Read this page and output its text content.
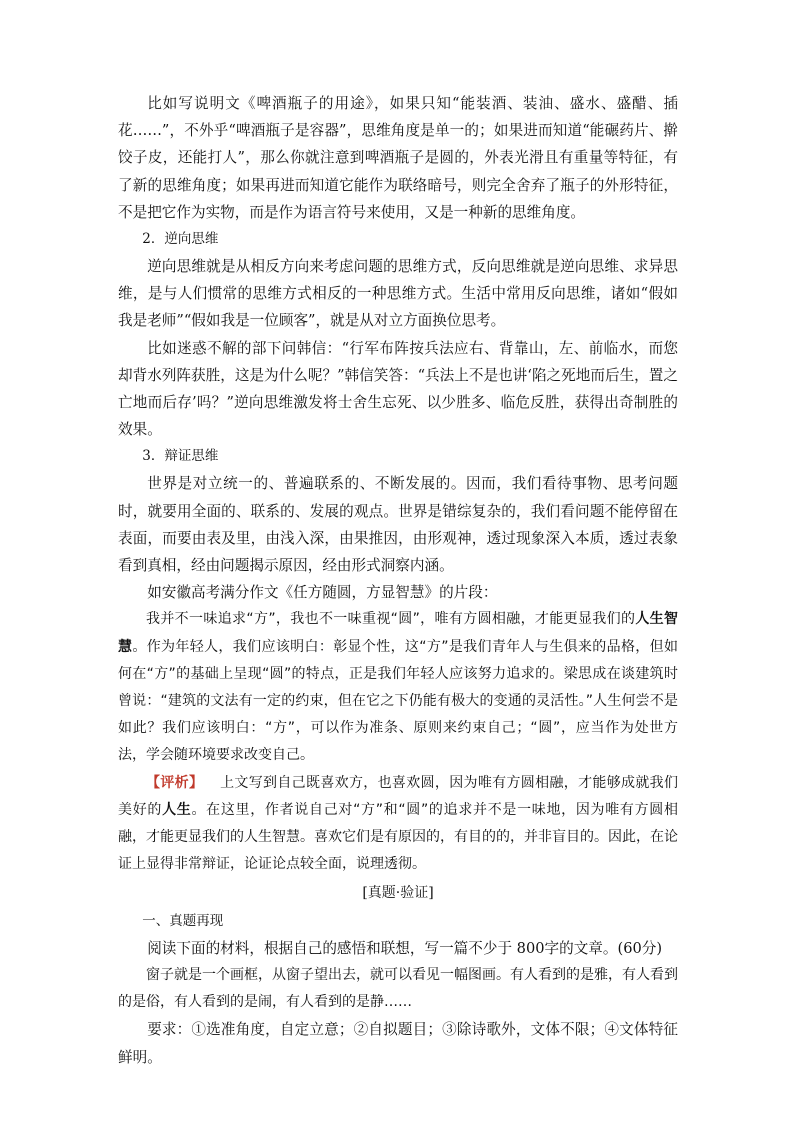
比如写说明文《啤酒瓶子的用途》，如果只知“能装酒、装油、盛水、盛醋、插花……”，不外乎“啤酒瓶子是容器”，思维角度是单一的；如果进而知道“能碾药片、擀饺子皮，还能打人”，那么你就注意到啤酒瓶子是圆的，外表光滑且有重量等特征，有了新的思维角度；如果再进而知道它能作为联络暗号，则完全舍弃了瓶子的外形特征，不是把它作为实物，而是作为语言符号来使用，又是一种新的思维角度。

2．逆向思维

逆向思维就是从相反方向来考虑问题的思维方式，反向思维就是逆向思维、求异思维，是与人们惯常的思维方式相反的一种思维方式。生活中常用反向思维，诸如“假如我是老师”“假如我是一位顾客”，就是从对立方面换位思考。

比如迷惑不解的部下问韩信：“行军布阵按兵法应右、背靠山，左、前临水，而您却背水列阵获胜，这是为什么呢？”韩信笑答：“兵法上不是也讲‘陷之死地而后生，置之亡地而后存’吗？”逆向思维激发将士舍生忘死、以少胜多、临危反胜，获得出奇制胜的效果。

3．辩证思维

世界是对立统一的、普遍联系的、不断发展的。因而，我们看待事物、思考问题时，就要用全面的、联系的、发展的观点。世界是错综复杂的，我们看问题不能停留在表面，而要由表及里，由浅入深，由果推因，由形观神，透过现象深入本质，透过表象看到真相，经由问题揭示原因，经由形式洞察内涵。

如安徽高考满分作文《任方随圆，方显智慧》的片段：

我并不一味追求“方”，我也不一味重视“圆”，唯有方圆相融，才能更显我们的人生智慧。作为年轻人，我们应该明白：彰显个性，这“方”是我们青年人与生俱来的品格，但如何在“方”的基础上呈现“圆”的特点，正是我们年轻人应该努力追求的。梁思成在谈建筑时曾说：“建筑的文法有一定的约束，但在它之下仍能有极大的变通的灵活性。”人生何尝不是如此？我们应该明白：“方”，可以作为准条、原则来约束自己；“圆”，应当作为处世方法，学会随环境要求改变自己。

【评析】 上文写到自己既喜欢方，也喜欢圆，因为唯有方圆相融，才能够成就我们美好的人生。在这里，作者说自己对“方”和“圆”的追求并不是一味地，因为唯有方圆相融，才能更显我们的人生智慧。喜欢它们是有原因的，有目的的，并非盲目的。因此，在论证上显得非常辩证，论证论点较全面，说理透彻。

[真题·验证]

一、真题再现

阅读下面的材料，根据自己的感悟和联想，写一篇不少于 800字的文章。(60分)

窗子就是一个画框，从窗子望出去，就可以看见一幅图画。有人看到的是雅，有人看到的是俗，有人看到的是闹，有人看到的是静……

要求：①选准角度，自定立意；②自拟题目；③除诗歌外，文体不限；④文体特征鲜明。
